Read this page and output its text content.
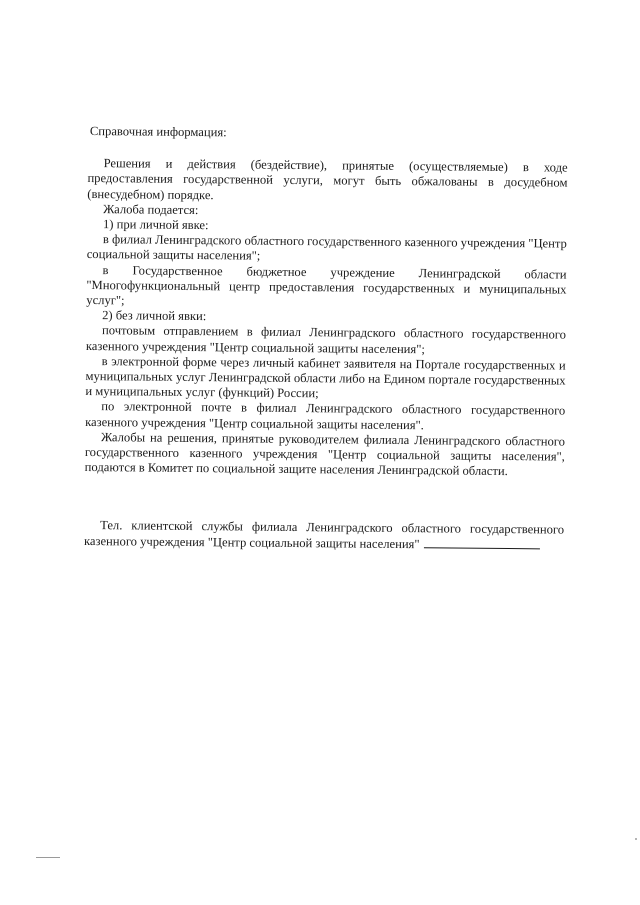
Справочная информация:

Решения и действия (бездействие), принятые (осуществляемые) в ходе предоставления государственной услуги, могут быть обжалованы в досудебном (внесудебном) порядке.

Жалоба подается:

1) при личной явке:

в филиал Ленинградского областного государственного казенного учреждения "Центр социальной защиты населения";

в Государственное бюджетное учреждение Ленинградской области "Многофункциональный центр предоставления государственных и муниципальных услуг";

2) без личной явки:

почтовым отправлением в филиал Ленинградского областного государственного казенного учреждения "Центр социальной защиты населения";

в электронной форме через личный кабинет заявителя на Портале государственных и муниципальных услуг Ленинградской области либо на Едином портале государственных и муниципальных услуг (функций) России;

по электронной почте в филиал Ленинградского областного государственного казенного учреждения "Центр социальной защиты населения".

Жалобы на решения, принятые руководителем филиала Ленинградского областного государственного казенного учреждения "Центр социальной защиты населения", подаются в Комитет по социальной защите населения Ленинградской области.

Тел. клиентской службы филиала Ленинградского областного государственного казенного учреждения "Центр социальной защиты населения"
